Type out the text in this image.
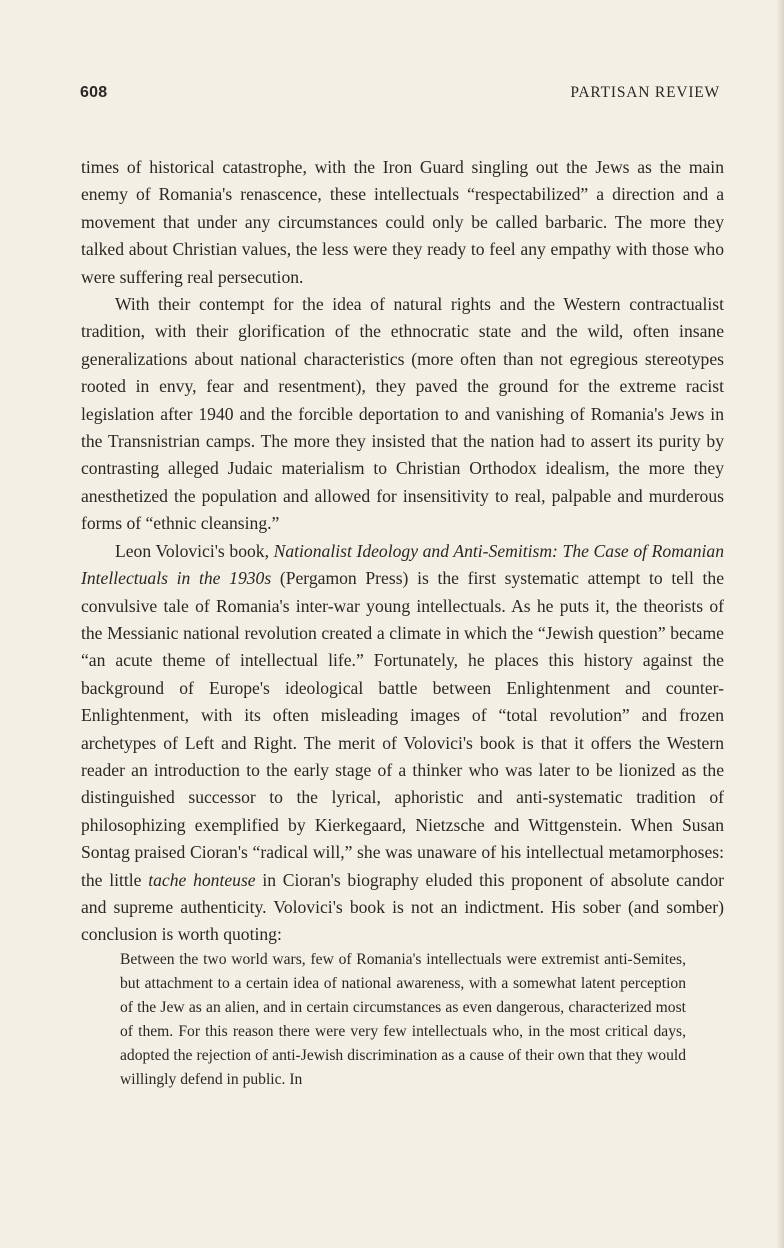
608	PARTISAN REVIEW

times of historical catastrophe, with the Iron Guard singling out the Jews as the main enemy of Romania's renascence, these intellectuals “respectabilized” a direction and a movement that under any circumstances could only be called barbaric. The more they talked about Christian values, the less were they ready to feel any empathy with those who were suffering real persecution.

With their contempt for the idea of natural rights and the Western contractualist tradition, with their glorification of the ethnocratic state and the wild, often insane generalizations about national characteristics (more often than not egregious stereotypes rooted in envy, fear and resentment), they paved the ground for the extreme racist legislation after 1940 and the forcible deportation to and vanishing of Romania's Jews in the Transnistrian camps. The more they insisted that the nation had to assert its purity by contrasting alleged Judaic materialism to Christian Orthodox idealism, the more they anesthetized the population and allowed for insensitivity to real, palpable and murderous forms of “ethnic cleansing.”

Leon Volovici's book, Nationalist Ideology and Anti-Semitism: The Case of Romanian Intellectuals in the 1930s (Pergamon Press) is the first systematic attempt to tell the convulsive tale of Romania's inter-war young intellectuals. As he puts it, the theorists of the Messianic national revolution created a climate in which the “Jewish question” became “an acute theme of intellectual life.” Fortunately, he places this history against the background of Europe's ideological battle between Enlightenment and counter-Enlightenment, with its often misleading images of “total revolution” and frozen archetypes of Left and Right. The merit of Volovici's book is that it offers the Western reader an introduction to the early stage of a thinker who was later to be lionized as the distinguished successor to the lyrical, aphoristic and anti-systematic tradition of philosophizing exemplified by Kierkegaard, Nietzsche and Wittgenstein. When Susan Sontag praised Cioran's “radical will,” she was unaware of his intellectual metamorphoses: the little tache honteuse in Cioran's biography eluded this proponent of absolute candor and supreme authenticity. Volovici's book is not an indictment. His sober (and somber) conclusion is worth quoting:

Between the two world wars, few of Romania's intellectuals were extremist anti-Semites, but attachment to a certain idea of national awareness, with a somewhat latent perception of the Jew as an alien, and in certain circumstances as even dangerous, characterized most of them. For this reason there were very few intellectuals who, in the most critical days, adopted the rejection of anti-Jewish discrimination as a cause of their own that they would willingly defend in public. In
